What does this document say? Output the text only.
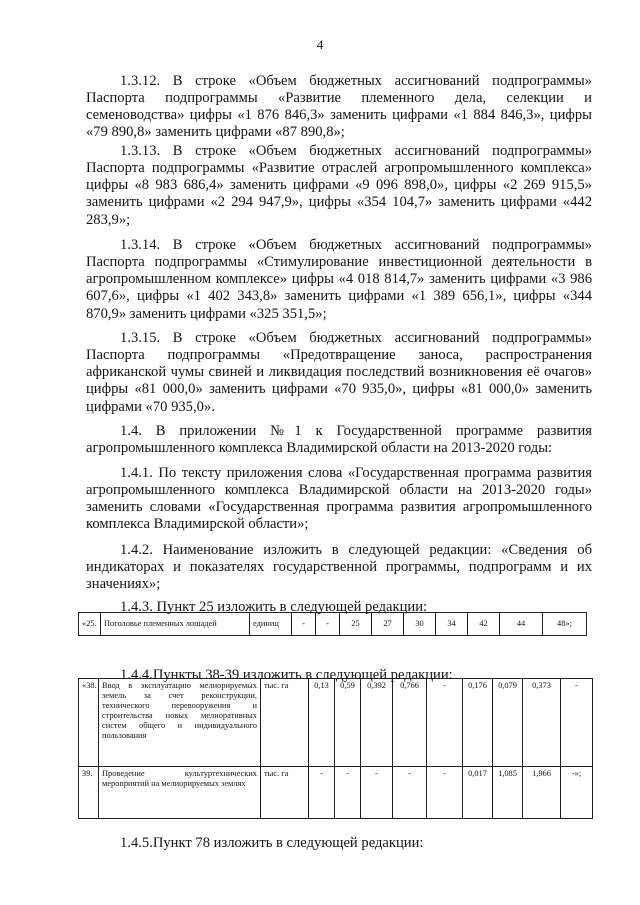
4

1.3.12. В строке «Объем бюджетных ассигнований подпрограммы» Паспорта подпрограммы «Развитие племенного дела, селекции и семеноводства» цифры «1 876 846,3» заменить цифрами «1 884 846,3», цифры «79 890,8» заменить цифрами «87 890,8»;

1.3.13. В строке «Объем бюджетных ассигнований подпрограммы» Паспорта подпрограммы «Развитие отраслей агропромышленного комплекса» цифры «8 983 686,4» заменить цифрами «9 096 898,0», цифры «2 269 915,5» заменить цифрами «2 294 947,9», цифры «354 104,7» заменить цифрами «442 283,9»;

1.3.14. В строке «Объем бюджетных ассигнований подпрограммы» Паспорта подпрограммы «Стимулирование инвестиционной деятельности в агропромышленном комплексе» цифры «4 018 814,7» заменить цифрами «3 986 607,6», цифры «1 402 343,8» заменить цифрами «1 389 656,1», цифры «344 870,9» заменить цифрами «325 351,5»;

1.3.15. В строке «Объем бюджетных ассигнований подпрограммы» Паспорта подпрограммы «Предотвращение заноса, распространения африканской чумы свиней и ликвидация последствий возникновения её очагов» цифры «81 000,0» заменить цифрами «70 935,0», цифры «81 000,0» заменить цифрами «70 935,0».

1.4. В приложении №1 к Государственной программе развития агропромышленного комплекса Владимирской области на 2013-2020 годы:

1.4.1. По тексту приложения слова «Государственная программа развития агропромышленного комплекса Владимирской области на 2013-2020 годы» заменить словами «Государственная программа развития агропромышленного комплекса Владимирской области»;

1.4.2. Наименование изложить в следующей редакции: «Сведения об индикаторах и показателях государственной программы, подпрограмм и их значениях»;

1.4.3. Пункт 25 изложить в следующей редакции:

«25.	Поголовье племенных лошадей	единиц	-	-	25	27	30	34	42	44	48»;

1.4.4.Пункты 38-39 изложить в следующей редакции:

«38.	Ввод в эксплуатацию мелиорируемых земель за счет реконструкции, технического перевооружения и строительства новых мелиоративных систем общего и индивидуального пользования	тыс. га	0,13	0,59	0,392	0,766	-	0,176	0,079	0,373	-
39.	Проведение культуртехнических мероприятий на мелиорируемых землях	тыс. га	-	-	-	-	-	0,017	1,085	1,966	-»;

1.4.5.Пункт 78 изложить в следующей редакции:
